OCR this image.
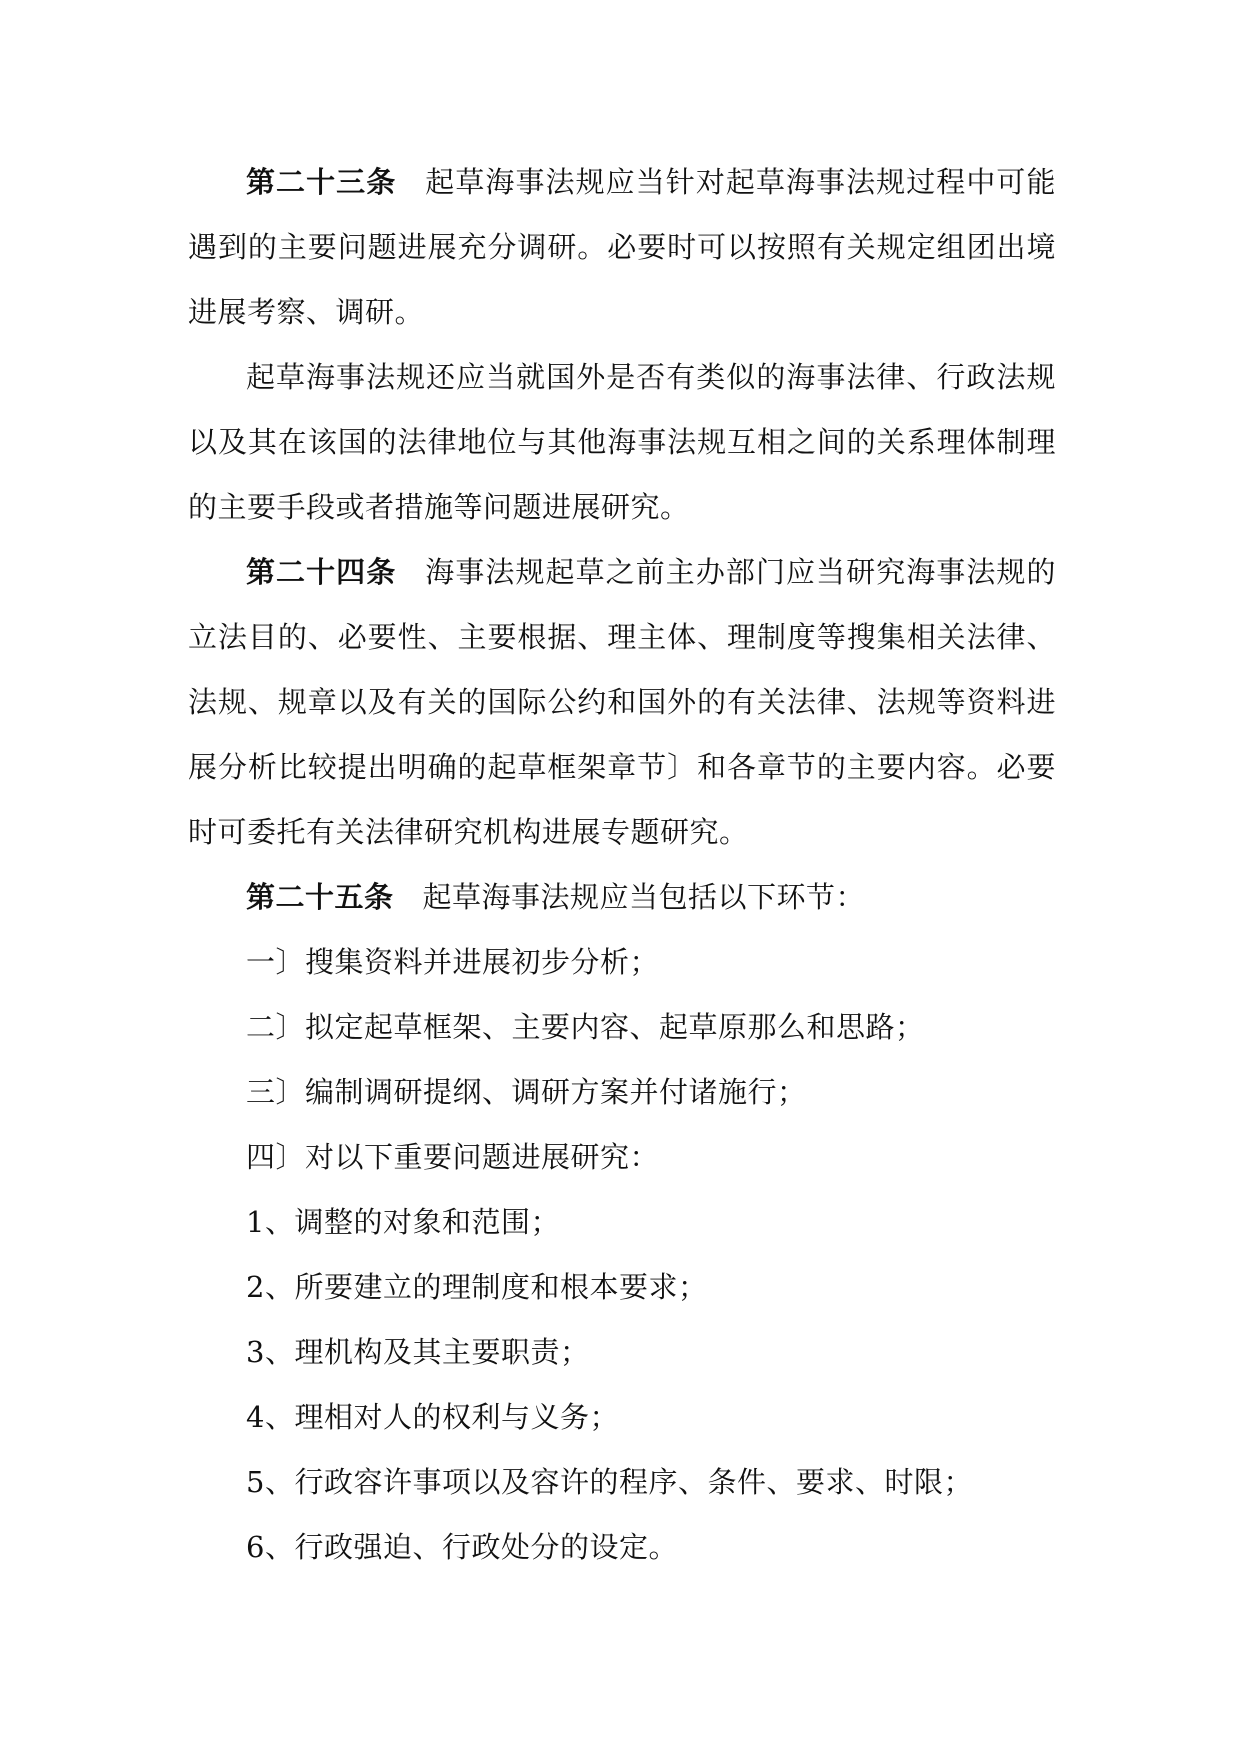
第二十三条 起草海事法规应当针对起草海事法规过程中可能遇到的主要问题进展充分调研。必要时可以按照有关规定组团出境进展考察、调研。

起草海事法规还应当就国外是否有类似的海事法律、行政法规以及其在该国的法律地位与其他海事法规互相之间的关系理体制理的主要手段或者措施等问题进展研究。

第二十四条 海事法规起草之前主办部门应当研究海事法规的立法目的、必要性、主要根据、理主体、理制度等搜集相关法律、法规、规章以及有关的国际公约和国外的有关法律、法规等资料进展分析比较提出明确的起草框架章节〕和各章节的主要内容。必要时可委托有关法律研究机构进展专题研究。

第二十五条 起草海事法规应当包括以下环节：

一〕搜集资料并进展初步分析；

二〕拟定起草框架、主要内容、起草原那么和思路；

三〕编制调研提纲、调研方案并付诸施行；

四〕对以下重要问题进展研究：

1、调整的对象和范围；

2、所要建立的理制度和根本要求；

3、理机构及其主要职责；

4、理相对人的权利与义务；

5、行政容许事项以及容许的程序、条件、要求、时限；

6、行政强迫、行政处分的设定。
